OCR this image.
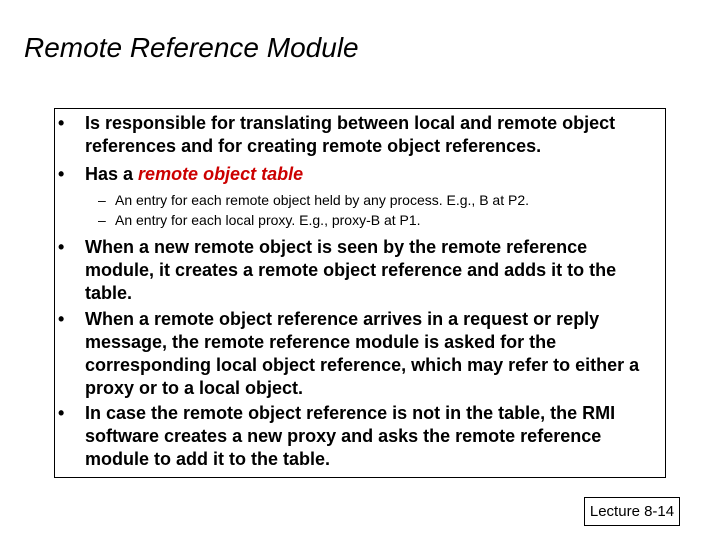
Remote Reference Module
•	Is responsible for translating between local and remote object references and for creating remote object references.
•	Has a remote object table
– An entry for each remote object held by any process. E.g., B at P2.
– An entry for each local proxy. E.g., proxy-B at P1.
•	When a new remote object is seen by the remote reference module, it creates a remote object reference and adds it to the table.
•	When a remote object reference arrives in a request or reply message, the remote reference module is asked for the corresponding local object reference, which may refer to either a proxy or to a local object.
•	In case the remote object reference is not in the table, the RMI software creates a new proxy and asks the remote reference module to add it to the table.
Lecture 8-14
